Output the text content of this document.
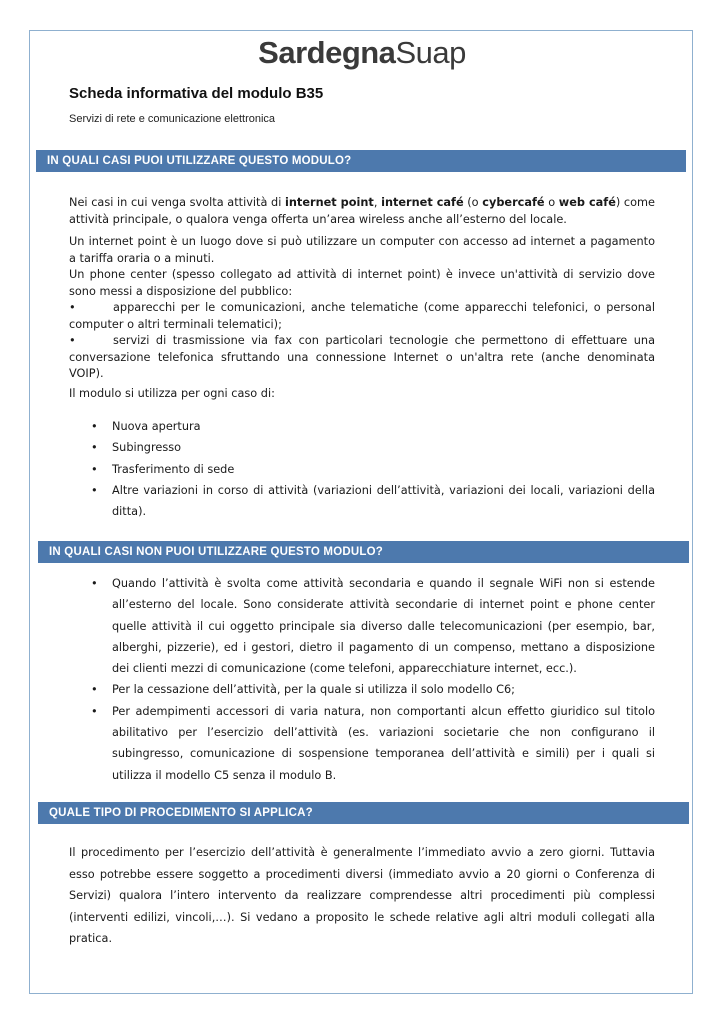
SardegnaSuap
Scheda informativa del modulo B35
Servizi di rete e comunicazione elettronica
IN QUALI CASI PUOI UTILIZZARE QUESTO MODULO?

Nei casi in cui venga svolta attività di internet point, internet café (o cybercafé o web café) come attività principale, o qualora venga offerta un’area wireless anche all’esterno del locale.

Un internet point è un luogo dove si può utilizzare un computer con accesso ad internet a pagamento a tariffa oraria o a minuti.

Un phone center (spesso collegato ad attività di internet point) è invece un'attività di servizio dove sono messi a disposizione del pubblico:

•	apparecchi per le comunicazioni, anche telematiche (come apparecchi telefonici, o personal computer o altri terminali telematici);

•	servizi di trasmissione via fax con particolari tecnologie che permettono di effettuare una conversazione telefonica sfruttando una connessione Internet o un'altra rete (anche denominata VOIP).

Il modulo si utilizza per ogni caso di:
• Nuova apertura
• Subingresso
• Trasferimento di sede
• Altre variazioni in corso di attività (variazioni dell’attività, variazioni dei locali, variazioni della ditta).
IN QUALI CASI NON PUOI UTILIZZARE QUESTO MODULO?
• Quando l’attività è svolta come attività secondaria e quando il segnale WiFi non si estende all’esterno del locale. Sono considerate attività secondarie di internet point e phone center quelle attività il cui oggetto principale sia diverso dalle telecomunicazioni (per esempio, bar, alberghi, pizzerie), ed i gestori, dietro il pagamento di un compenso, mettano a disposizione dei clienti mezzi di comunicazione (come telefoni, apparecchiature internet, ecc.).
• Per la cessazione dell’attività, per la quale si utilizza il solo modello C6;
• Per adempimenti accessori di varia natura, non comportanti alcun effetto giuridico sul titolo abilitativo per l’esercizio dell’attività (es. variazioni societarie che non configurano il subingresso, comunicazione di sospensione temporanea dell’attività e simili) per i quali si utilizza il modello C5 senza il modulo B.
QUALE TIPO DI PROCEDIMENTO SI APPLICA?
Il procedimento per l’esercizio dell’attività è generalmente l’immediato avvio a zero giorni. Tuttavia esso potrebbe essere soggetto a procedimenti diversi (immediato avvio a 20 giorni o Conferenza di Servizi) qualora l’intero intervento da realizzare comprendesse altri procedimenti più complessi (interventi edilizi, vincoli,…). Si vedano a proposito le schede relative agli altri moduli collegati alla pratica.
